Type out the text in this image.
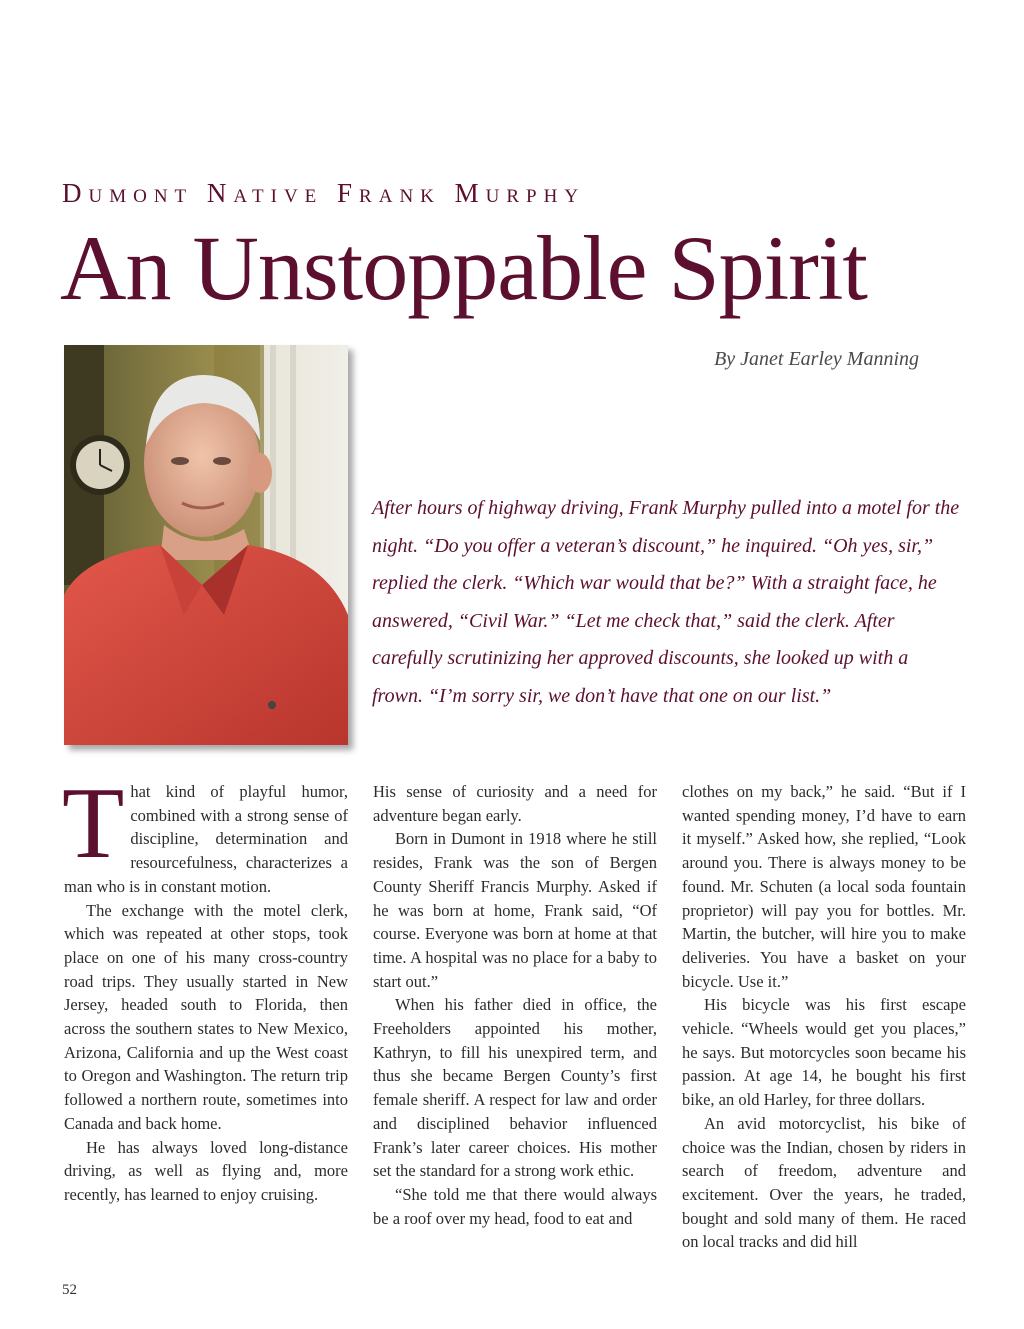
Dumont Native Frank Murphy
An Unstoppable Spirit
By Janet Earley Manning

After hours of highway driving, Frank Murphy pulled into a motel for the night. “Do you offer a veteran’s discount,” he inquired. “Oh yes, sir,” replied the clerk. “Which war would that be?” With a straight face, he answered, “Civil War.” “Let me check that,” said the clerk. After carefully scrutinizing her approved discounts, she looked up with a frown. “I’m sorry sir, we don’t have that one on our list.”

That kind of playful humor, combined with a strong sense of discipline, determination and resourcefulness, characterizes a man who is in constant motion.

The exchange with the motel clerk, which was repeated at other stops, took place on one of his many cross-country road trips. They usually started in New Jersey, headed south to Florida, then across the southern states to New Mexico, Arizona, California and up the West coast to Oregon and Washington. The return trip followed a northern route, sometimes into Canada and back home.

He has always loved long-distance driving, as well as flying and, more recently, has learned to enjoy cruising.

His sense of curiosity and a need for adventure began early.

Born in Dumont in 1918 where he still resides, Frank was the son of Bergen County Sheriff Francis Murphy. Asked if he was born at home, Frank said, “Of course. Everyone was born at home at that time. A hospital was no place for a baby to start out.”

When his father died in office, the Freeholders appointed his mother, Kathryn, to fill his unexpired term, and thus she became Bergen County’s first female sheriff. A respect for law and order and disciplined behavior influenced Frank’s later career choices. His mother set the standard for a strong work ethic.

“She told me that there would always be a roof over my head, food to eat and

clothes on my back,” he said. “But if I wanted spending money, I’d have to earn it myself.” Asked how, she replied, “Look around you. There is always money to be found. Mr. Schuten (a local soda fountain proprietor) will pay you for bottles. Mr. Martin, the butcher, will hire you to make deliveries. You have a basket on your bicycle. Use it.”

His bicycle was his first escape vehicle. “Wheels would get you places,” he says. But motorcycles soon became his passion. At age 14, he bought his first bike, an old Harley, for three dollars.

An avid motorcyclist, his bike of choice was the Indian, chosen by riders in search of freedom, adventure and excitement. Over the years, he traded, bought and sold many of them. He raced on local tracks and did hill

52
